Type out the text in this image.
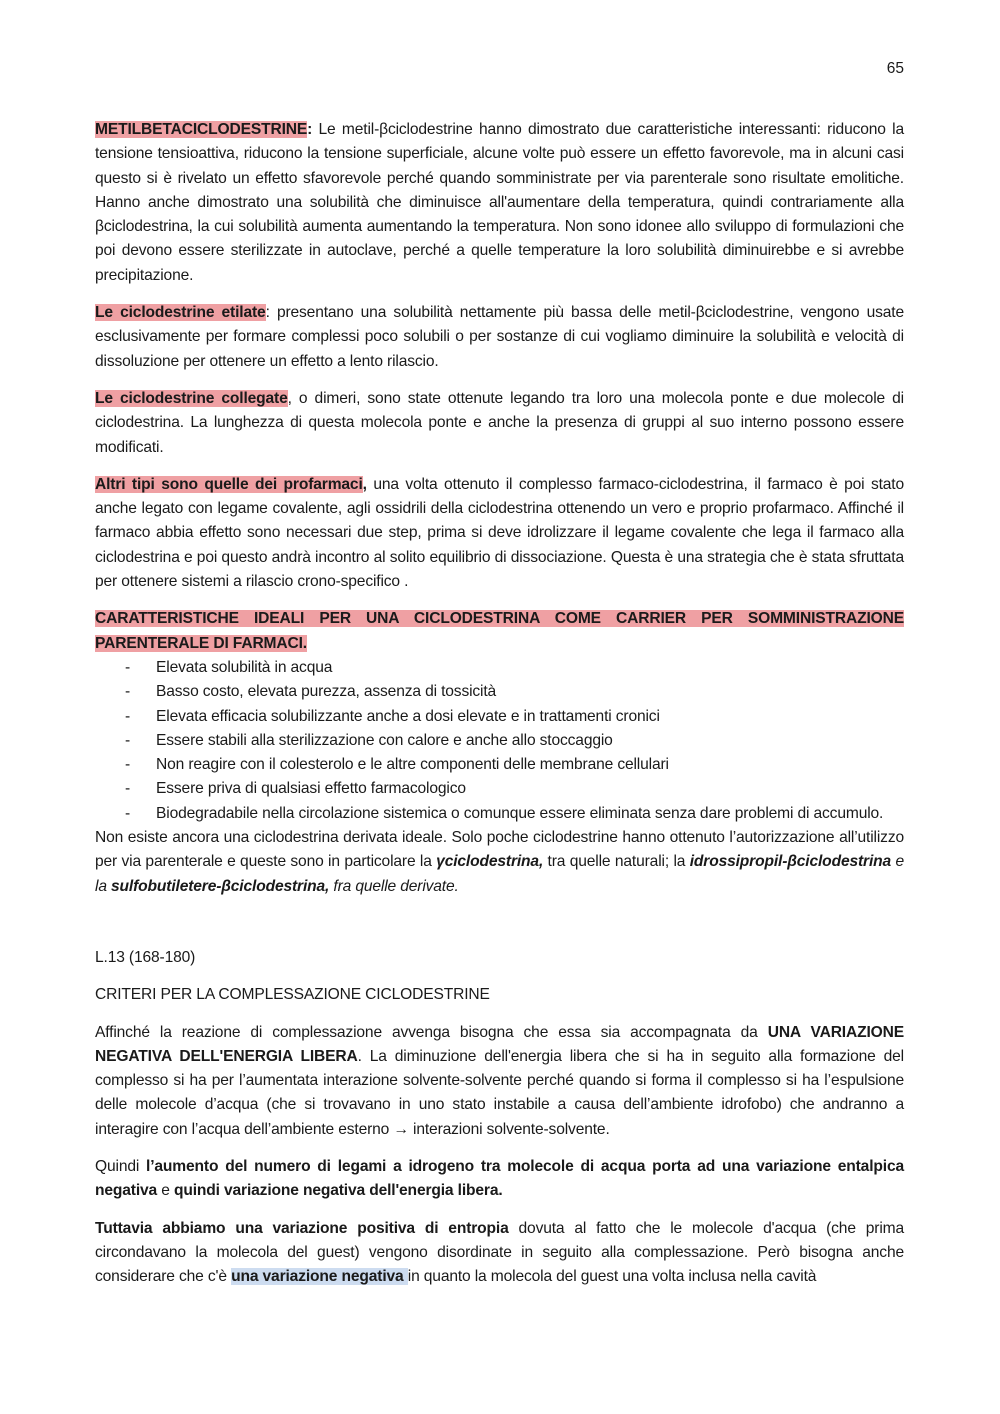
65

METILBETACICLODESTRINE: Le metil-βciclodestrine hanno dimostrato due caratteristiche interessanti: riducono la tensione tensioattiva, riducono la tensione superficiale, alcune volte può essere un effetto favorevole, ma in alcuni casi questo si è rivelato un effetto sfavorevole perché quando somministrate per via parenterale sono risultate emolitiche. Hanno anche dimostrato una solubilità che diminuisce all'aumentare della temperatura, quindi contrariamente alla βciclodestrina, la cui solubilità aumenta aumentando la temperatura. Non sono idonee allo sviluppo di formulazioni che poi devono essere sterilizzate in autoclave, perché a quelle temperature la loro solubilità diminuirebbe e si avrebbe precipitazione.

Le ciclodestrine etilate: presentano una solubilità nettamente più bassa delle metil-βciclodestrine, vengono usate esclusivamente per formare complessi poco solubili o per sostanze di cui vogliamo diminuire la solubilità e velocità di dissoluzione per ottenere un effetto a lento rilascio.

Le ciclodestrine collegate, o dimeri, sono state ottenute legando tra loro una molecola ponte e due molecole di ciclodestrina. La lunghezza di questa molecola ponte e anche la presenza di gruppi al suo interno possono essere modificati.

Altri tipi sono quelle dei profarmaci, una volta ottenuto il complesso farmaco-ciclodestrina, il farmaco è poi stato anche legato con legame covalente, agli ossidrili della ciclodestrina ottenendo un vero e proprio profarmaco. Affinché il farmaco abbia effetto sono necessari due step, prima si deve idrolizzare il legame covalente che lega il farmaco alla ciclodestrina e poi questo andrà incontro al solito equilibrio di dissociazione. Questa è una strategia che è stata sfruttata per ottenere sistemi a rilascio crono-specifico .

CARATTERISTICHE IDEALI PER UNA CICLODESTRINA COME CARRIER PER SOMMINISTRAZIONE PARENTERALE DI FARMACI.

- Elevata solubilità in acqua
- Basso costo, elevata purezza, assenza di tossicità
- Elevata efficacia solubilizzante anche a dosi elevate e in trattamenti cronici
- Essere stabili alla sterilizzazione con calore e anche allo stoccaggio
- Non reagire con il colesterolo e le altre componenti delle membrane cellulari
- Essere priva di qualsiasi effetto farmacologico
- Biodegradabile nella circolazione sistemica o comunque essere eliminata senza dare problemi di accumulo.

Non esiste ancora una ciclodestrina derivata ideale. Solo poche ciclodestrine hanno ottenuto l’autorizzazione all’utilizzo per via parenterale e queste sono in particolare la γciclodestrina, tra quelle naturali; la idrossipropil-βciclodestrina e la sulfobutiletere-βciclodestrina, fra quelle derivate.

L.13 (168-180)

CRITERI PER LA COMPLESSAZIONE CICLODESTRINE

Affinché la reazione di complessazione avvenga bisogna che essa sia accompagnata da UNA VARIAZIONE NEGATIVA DELL'ENERGIA LIBERA. La diminuzione dell'energia libera che si ha in seguito alla formazione del complesso si ha per l’aumentata interazione solvente-solvente perché quando si forma il complesso si ha l’espulsione delle molecole d’acqua (che si trovavano in uno stato instabile a causa dell’ambiente idrofobo) che andranno a interagire con l’acqua dell’ambiente esterno → interazioni solvente-solvente.

Quindi l’aumento del numero di legami a idrogeno tra molecole di acqua porta ad una variazione entalpica negativa e quindi variazione negativa dell'energia libera.

Tuttavia abbiamo una variazione positiva di entropia dovuta al fatto che le molecole d'acqua (che prima circondavano la molecola del guest) vengono disordinate in seguito alla complessazione. Però bisogna anche considerare che c'è una variazione negativa in quanto la molecola del guest una volta inclusa nella cavità
